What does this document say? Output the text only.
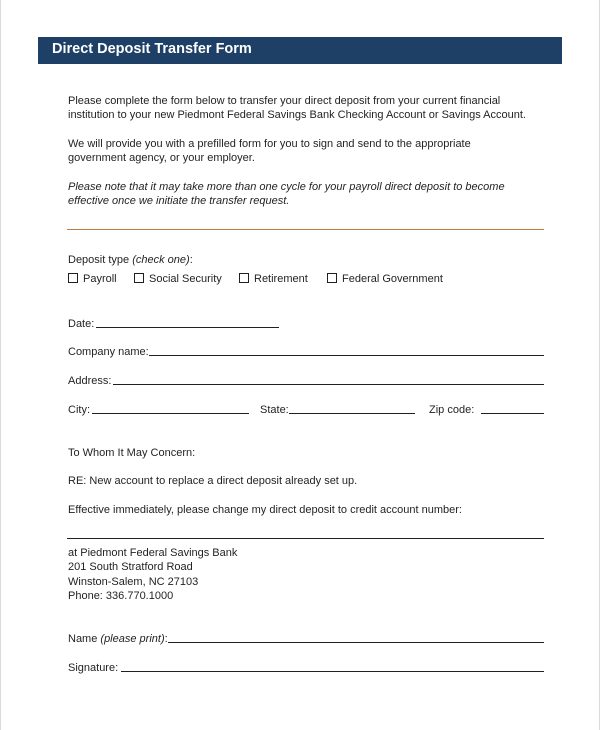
Direct Deposit Transfer Form
Please complete the form below to transfer your direct deposit from your current financial
institution to your new Piedmont Federal Savings Bank Checking Account or Savings Account.
We will provide you with a prefilled form for you to sign and send to the appropriate
government agency, or your employer.
Please note that it may take more than one cycle for your payroll direct deposit to become
effective once we initiate the transfer request.
Deposit type (check one):
Payroll	Social Security	Retirement	Federal Government
Date:
Company name:
Address:
City:	State:	Zip code:
To Whom It May Concern:
RE: New account to replace a direct deposit already set up.
Effective immediately, please change my direct deposit to credit account number:
at Piedmont Federal Savings Bank
201 South Stratford Road
Winston-Salem, NC 27103
Phone: 336.770.1000
Name (please print):
Signature:
